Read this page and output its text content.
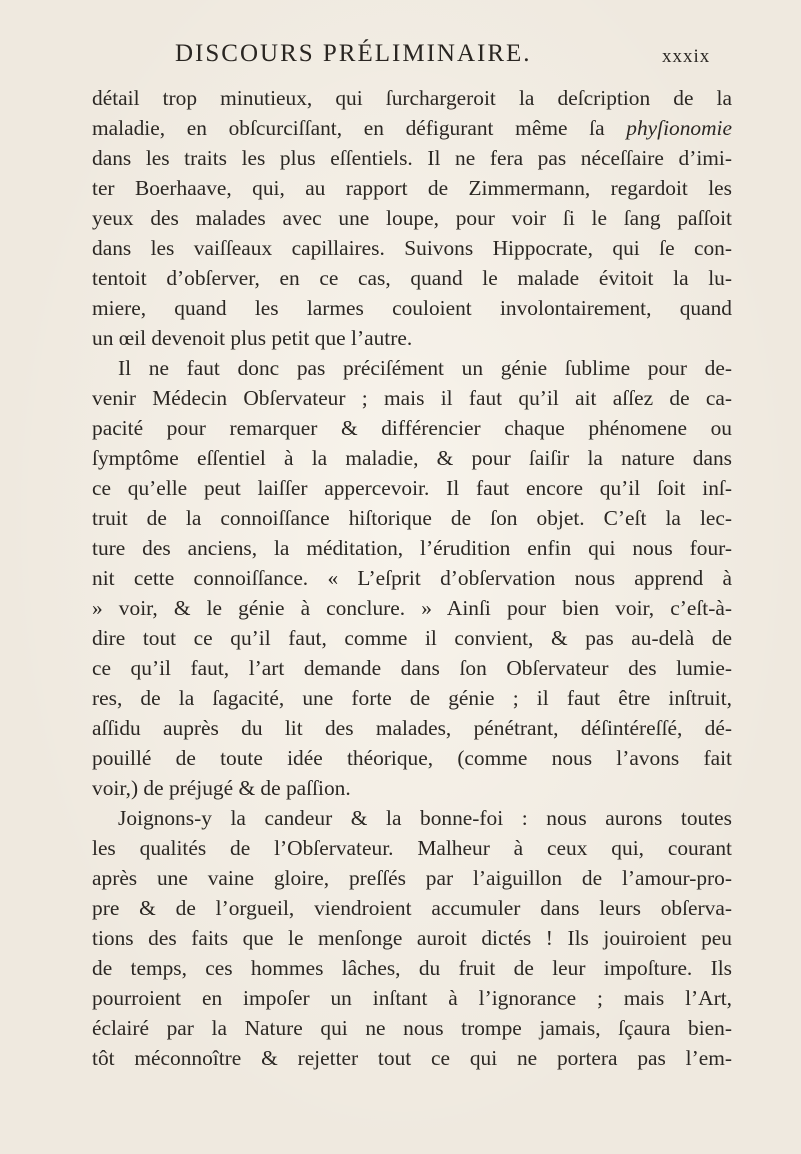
DISCOURS PRÉLIMINAIRE.	xxxix
détail trop minutieux, qui ſurchargeroit la deſcription de la
maladie, en obſcurciſſant, en défigurant même ſa phyſionomie
dans les traits les plus eſſentiels. Il ne fera pas néceſſaire d’imi-
ter Boerhaave, qui, au rapport de Zimmermann, regardoit les
yeux des malades avec une loupe, pour voir ſi le ſang paſſoit
dans les vaiſſeaux capillaires. Suivons Hippocrate, qui ſe con-
tentoit d’obſerver, en ce cas, quand le malade évitoit la lu-
miere, quand les larmes couloient involontairement, quand
un œil devenoit plus petit que l’autre.
Il ne faut donc pas préciſément un génie ſublime pour de-
venir Médecin Obſervateur ; mais il faut qu’il ait aſſez de ca-
pacité pour remarquer & différencier chaque phénomene ou
ſymptôme eſſentiel à la maladie, & pour ſaiſir la nature dans
ce qu’elle peut laiſſer appercevoir. Il faut encore qu’il ſoit inſ-
truit de la connoiſſance hiſtorique de ſon objet. C’eſt la lec-
ture des anciens, la méditation, l’érudition enfin qui nous four-
nit cette connoiſſance. « L’eſprit d’obſervation nous apprend à
» voir, & le génie à conclure. » Ainſi pour bien voir, c’eſt-à-
dire tout ce qu’il faut, comme il convient, & pas au-delà de
ce qu’il faut, l’art demande dans ſon Obſervateur des lumie-
res, de la ſagacité, une forte de génie ; il faut être inſtruit,
aſſidu auprès du lit des malades, pénétrant, déſintéreſſé, dé-
pouillé de toute idée théorique, (comme nous l’avons fait
voir,) de préjugé & de paſſion.
Joignons-y la candeur & la bonne-foi : nous aurons toutes
les qualités de l’Obſervateur. Malheur à ceux qui, courant
après une vaine gloire, preſſés par l’aiguillon de l’amour-pro-
pre & de l’orgueil, viendroient accumuler dans leurs obſerva-
tions des faits que le menſonge auroit dictés ! Ils jouiroient peu
de temps, ces hommes lâches, du fruit de leur impoſture. Ils
pourroient en impoſer un inſtant à l’ignorance ; mais l’Art,
éclairé par la Nature qui ne nous trompe jamais, ſçaura bien-
tôt méconnoître & rejetter tout ce qui ne portera pas l’em-
